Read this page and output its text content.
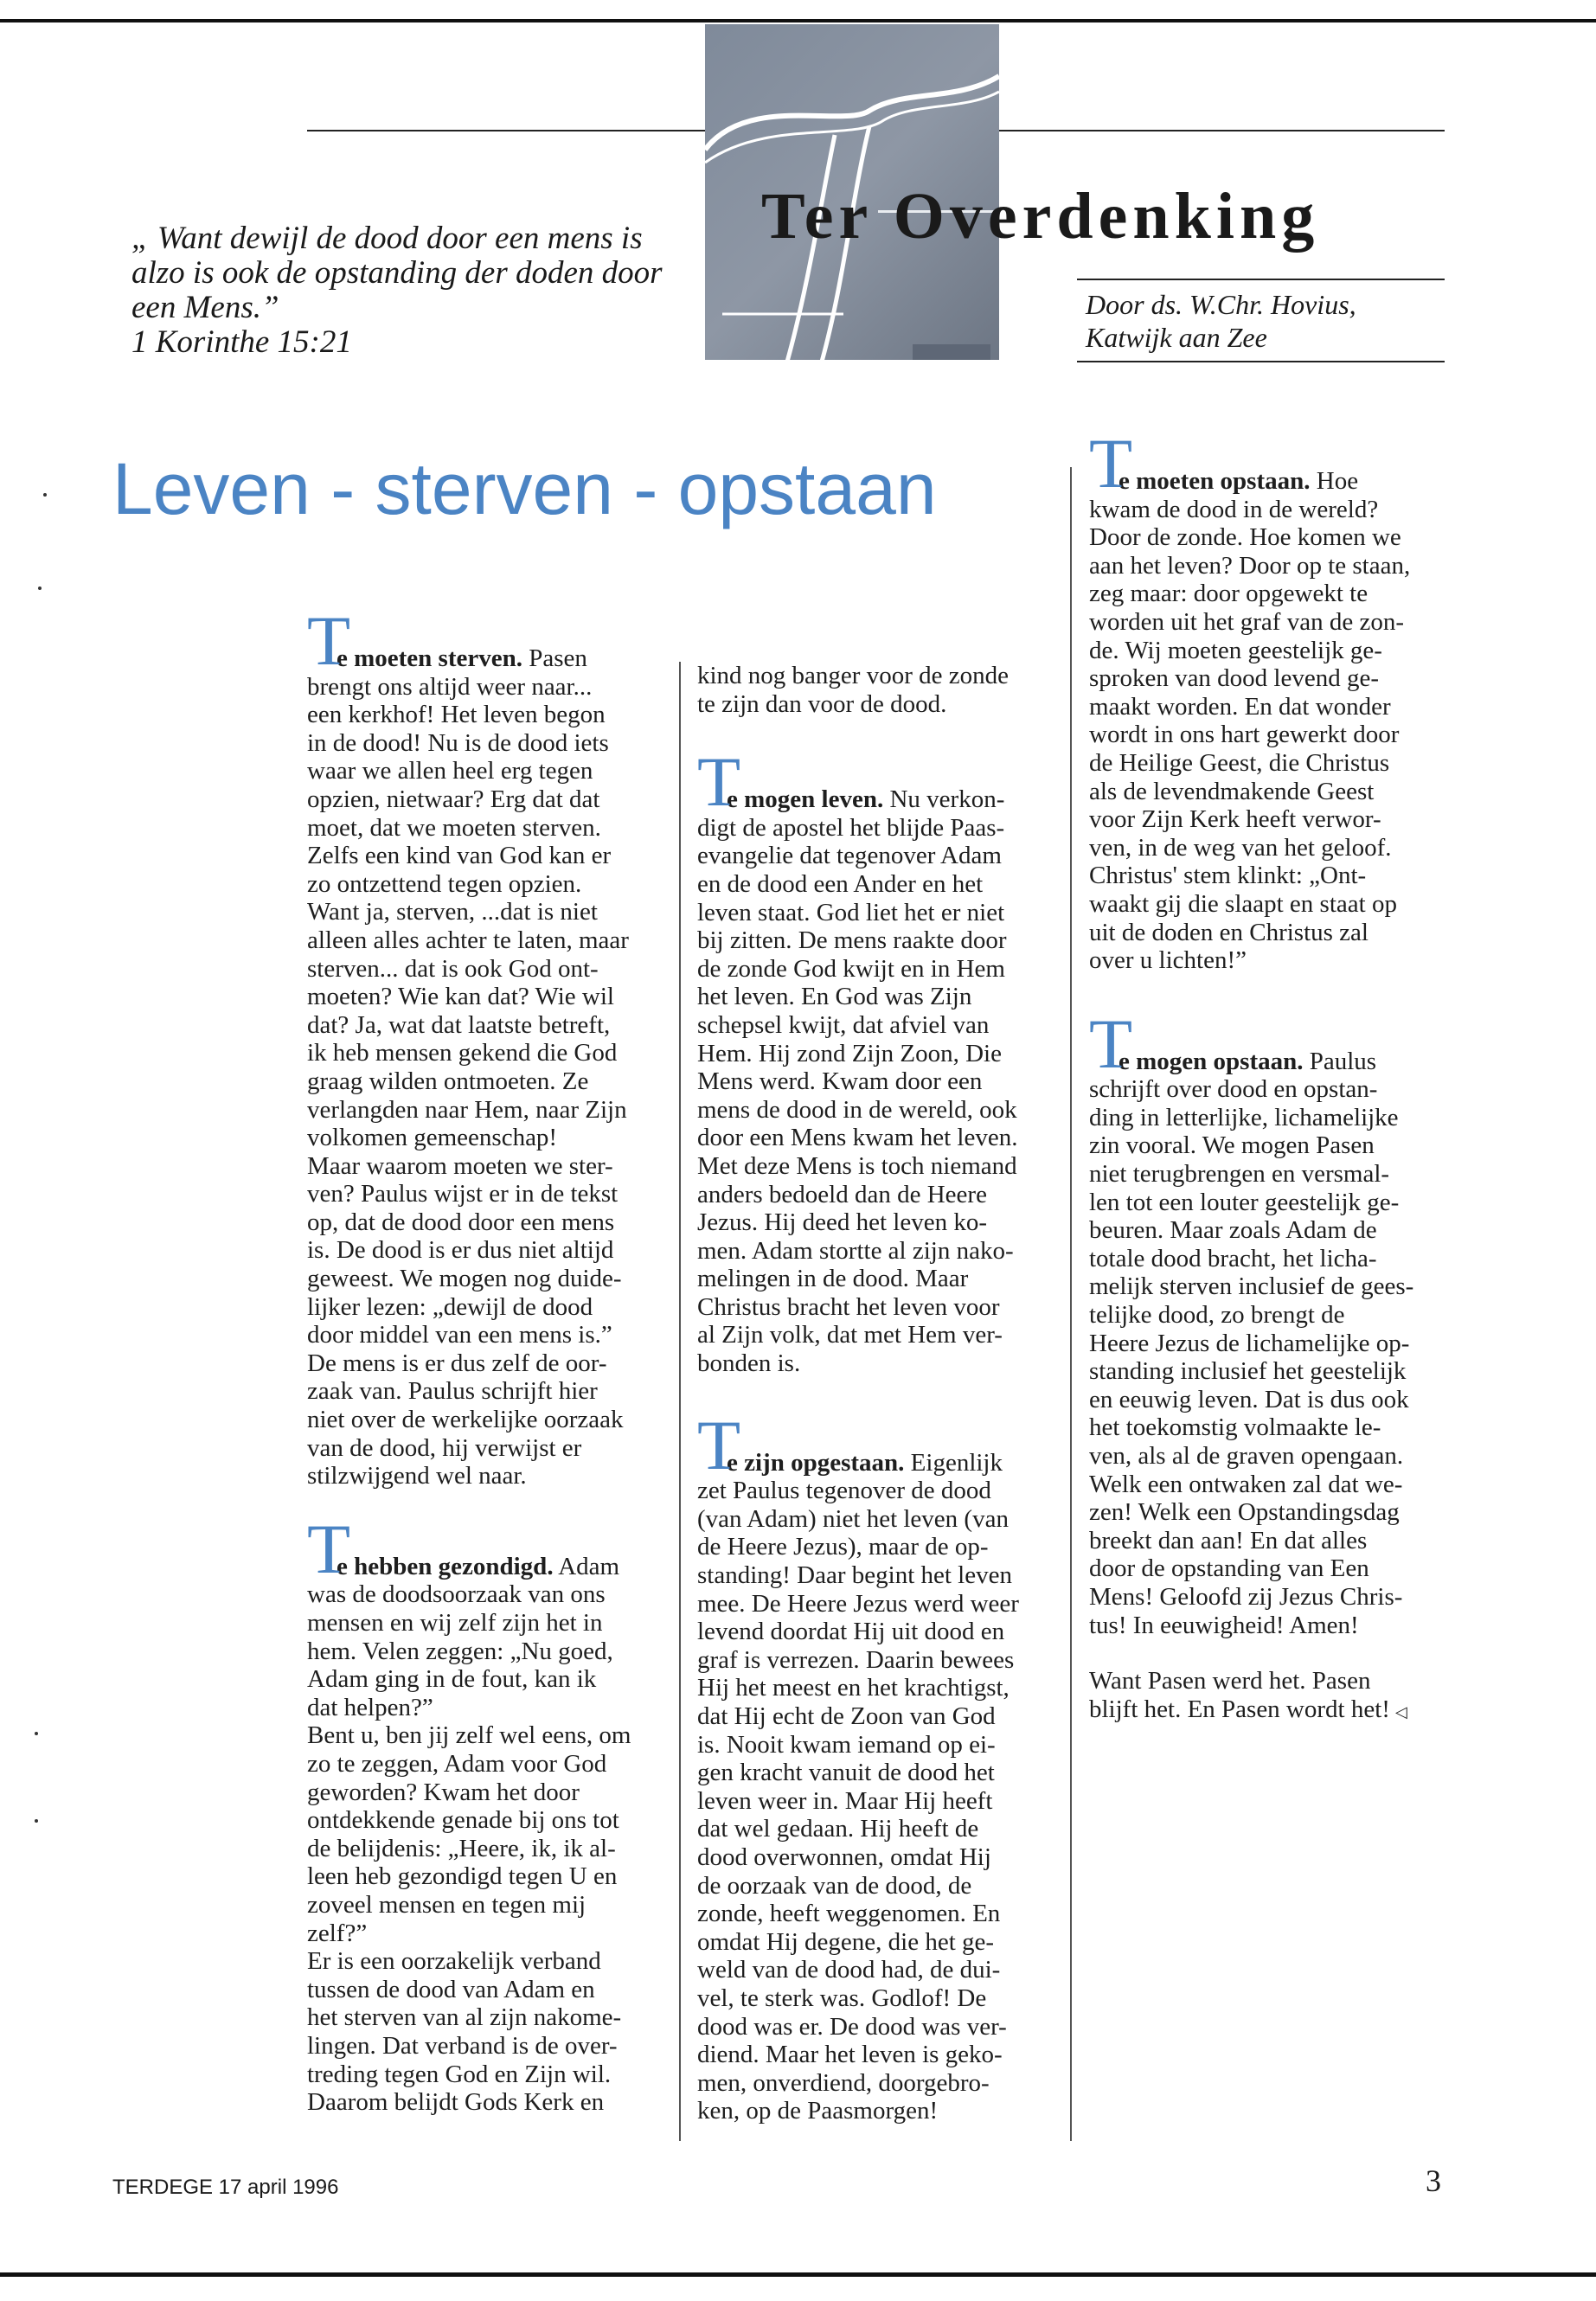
„ Want dewijl de dood door een mens is
alzo is ook de opstanding der doden door
een Mens.”
1 Korinthe 15:21
Ter Overdenking
Door ds. W.Chr. Hovius,
Katwijk aan Zee
Leven - sterven - opstaan
T
e moeten sterven. Pasen
brengt ons altijd weer naar...
een kerkhof! Het leven begon
in de dood! Nu is de dood iets
waar we allen heel erg tegen
opzien, nietwaar? Erg dat dat
moet, dat we moeten sterven.
Zelfs een kind van God kan er
zo ontzettend tegen opzien.
Want ja, sterven, ...dat is niet
alleen alles achter te laten, maar
sterven... dat is ook God ont-
moeten? Wie kan dat? Wie wil
dat? Ja, wat dat laatste betreft,
ik heb mensen gekend die God
graag wilden ontmoeten. Ze
verlangden naar Hem, naar Zijn
volkomen gemeenschap!
Maar waarom moeten we ster-
ven? Paulus wijst er in de tekst
op, dat de dood door een mens
is. De dood is er dus niet altijd
geweest. We mogen nog duide-
lijker lezen: „dewijl de dood
door middel van een mens is.”
De mens is er dus zelf de oor-
zaak van. Paulus schrijft hier
niet over de werkelijke oorzaak
van de dood, hij verwijst er
stilzwijgend wel naar.
T
e hebben gezondigd. Adam
was de doodsoorzaak van ons
mensen en wij zelf zijn het in
hem. Velen zeggen: „Nu goed,
Adam ging in de fout, kan ik
dat helpen?”
Bent u, ben jij zelf wel eens, om
zo te zeggen, Adam voor God
geworden? Kwam het door
ontdekkende genade bij ons tot
de belijdenis: „Heere, ik, ik al-
leen heb gezondigd tegen U en
zoveel mensen en tegen mij
zelf?”
Er is een oorzakelijk verband
tussen de dood van Adam en
het sterven van al zijn nakome-
lingen. Dat verband is de over-
treding tegen God en Zijn wil.
Daarom belijdt Gods Kerk en
kind nog banger voor de zonde
te zijn dan voor de dood.
T
e mogen leven. Nu verkon-
digt de apostel het blijde Paas-
evangelie dat tegenover Adam
en de dood een Ander en het
leven staat. God liet het er niet
bij zitten. De mens raakte door
de zonde God kwijt en in Hem
het leven. En God was Zijn
schepsel kwijt, dat afviel van
Hem. Hij zond Zijn Zoon, Die
Mens werd. Kwam door een
mens de dood in de wereld, ook
door een Mens kwam het leven.
Met deze Mens is toch niemand
anders bedoeld dan de Heere
Jezus. Hij deed het leven ko-
men. Adam stortte al zijn nako-
melingen in de dood. Maar
Christus bracht het leven voor
al Zijn volk, dat met Hem ver-
bonden is.
T
e zijn opgestaan. Eigenlijk
zet Paulus tegenover de dood
(van Adam) niet het leven (van
de Heere Jezus), maar de op-
standing! Daar begint het leven
mee. De Heere Jezus werd weer
levend doordat Hij uit dood en
graf is verrezen. Daarin bewees
Hij het meest en het krachtigst,
dat Hij echt de Zoon van God
is. Nooit kwam iemand op ei-
gen kracht vanuit de dood het
leven weer in. Maar Hij heeft
dat wel gedaan. Hij heeft de
dood overwonnen, omdat Hij
de oorzaak van de dood, de
zonde, heeft weggenomen. En
omdat Hij degene, die het ge-
weld van de dood had, de dui-
vel, te sterk was. Godlof! De
dood was er. De dood was ver-
diend. Maar het leven is geko-
men, onverdiend, doorgebro-
ken, op de Paasmorgen!
T
e moeten opstaan. Hoe
kwam de dood in de wereld?
Door de zonde. Hoe komen we
aan het leven? Door op te staan,
zeg maar: door opgewekt te
worden uit het graf van de zon-
de. Wij moeten geestelijk ge-
sproken van dood levend ge-
maakt worden. En dat wonder
wordt in ons hart gewerkt door
de Heilige Geest, die Christus
als de levendmakende Geest
voor Zijn Kerk heeft verwor-
ven, in de weg van het geloof.
Christus' stem klinkt: „Ont-
waakt gij die slaapt en staat op
uit de doden en Christus zal
over u lichten!”
T
e mogen opstaan. Paulus
schrijft over dood en opstan-
ding in letterlijke, lichamelijke
zin vooral. We mogen Pasen
niet terugbrengen en versmal-
len tot een louter geestelijk ge-
beuren. Maar zoals Adam de
totale dood bracht, het licha-
melijk sterven inclusief de gees-
telijke dood, zo brengt de
Heere Jezus de lichamelijke op-
standing inclusief het geestelijk
en eeuwig leven. Dat is dus ook
het toekomstig volmaakte le-
ven, als al de graven opengaan.
Welk een ontwaken zal dat we-
zen! Welk een Opstandingsdag
breekt dan aan! En dat alles
door de opstanding van Een
Mens! Geloofd zij Jezus Chris-
tus! In eeuwigheid! Amen!
Want Pasen werd het. Pasen
blijft het. En Pasen wordt het! ◁
TERDEGE 17 april 1996	3
